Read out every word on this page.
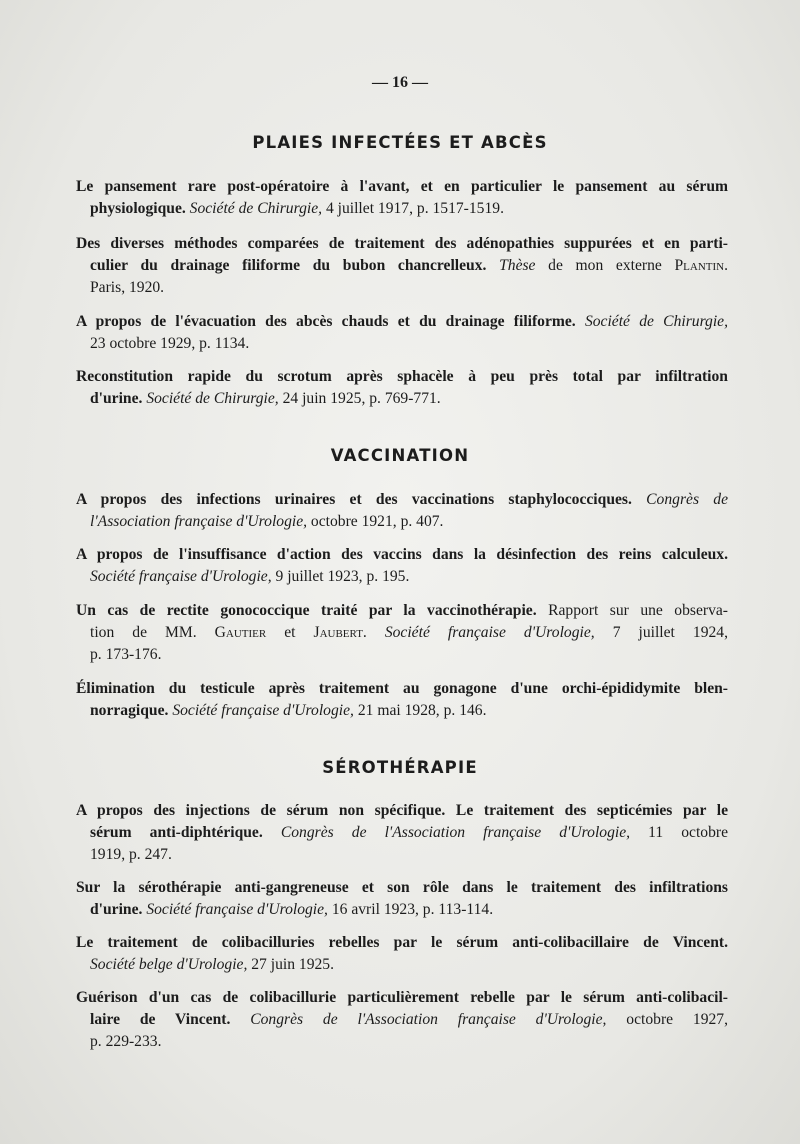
— 16 —
PLAIES INFECTÉES ET ABCÈS
Le pansement rare post-opératoire à l'avant, et en particulier le pansement au sérum
physiologique. Société de Chirurgie, 4 juillet 1917, p. 1517-1519.
Des diverses méthodes comparées de traitement des adénopathies suppurées et en parti-
culier du drainage filiforme du bubon chancrelleux. Thèse de mon externe Plantin.
Paris, 1920.
A propos de l'évacuation des abcès chauds et du drainage filiforme. Société de Chirurgie,
23 octobre 1929, p. 1134.
Reconstitution rapide du scrotum après sphacèle à peu près total par infiltration
d'urine. Société de Chirurgie, 24 juin 1925, p. 769-771.
VACCINATION
A propos des infections urinaires et des vaccinations staphylococciques. Congrès de
l'Association française d'Urologie, octobre 1921, p. 407.
A propos de l'insuffisance d'action des vaccins dans la désinfection des reins calculeux.
Société française d'Urologie, 9 juillet 1923, p. 195.
Un cas de rectite gonococcique traité par la vaccinothérapie. Rapport sur une observa-
tion de MM. Gautier et Jaubert. Société française d'Urologie, 7 juillet 1924,
p. 173-176.
Élimination du testicule après traitement au gonagone d'une orchi-épididymite blen-
norragique. Société française d'Urologie, 21 mai 1928, p. 146.
SÉROTHÉRAPIE
A propos des injections de sérum non spécifique. Le traitement des septicémies par le
sérum anti-diphtérique. Congrès de l'Association française d'Urologie, 11 octobre
1919, p. 247.
Sur la sérothérapie anti-gangreneuse et son rôle dans le traitement des infiltrations
d'urine. Société française d'Urologie, 16 avril 1923, p. 113-114.
Le traitement de colibacilluries rebelles par le sérum anti-colibacillaire de Vincent.
Société belge d'Urologie, 27 juin 1925.
Guérison d'un cas de colibacillurie particulièrement rebelle par le sérum anti-colibacil-
laire de Vincent. Congrès de l'Association française d'Urologie, octobre 1927,
p. 229-233.
